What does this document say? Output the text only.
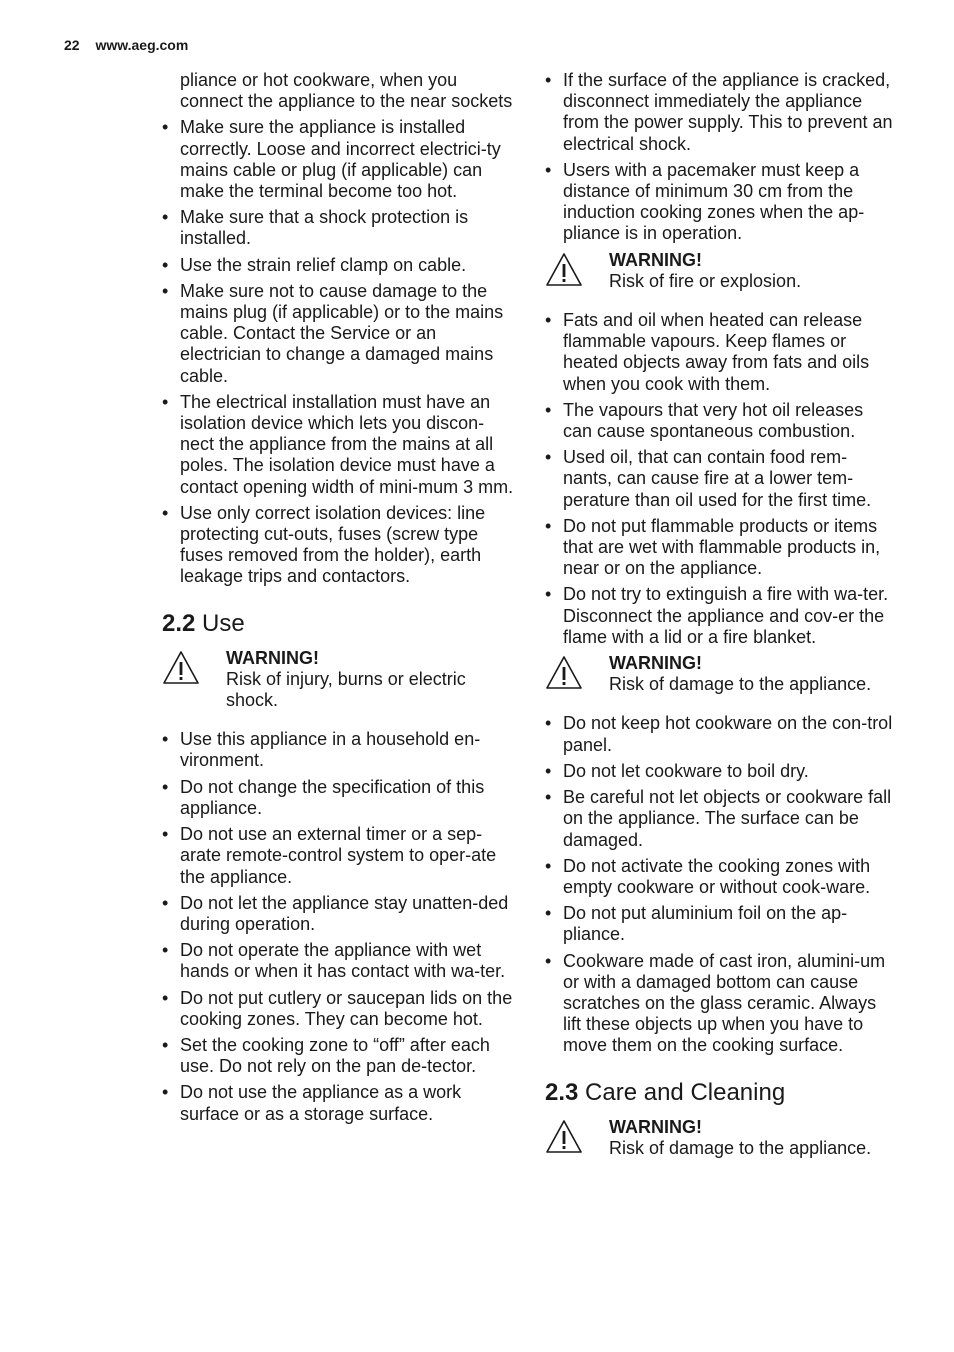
22 www.aeg.com
pliance or hot cookware, when you connect the appliance to the near sockets
• Make sure the appliance is installed correctly. Loose and incorrect electrici-ty mains cable or plug (if applicable) can make the terminal become too hot.
• Make sure that a shock protection is installed.
• Use the strain relief clamp on cable.
• Make sure not to cause damage to the mains plug (if applicable) or to the mains cable. Contact the Service or an electrician to change a damaged mains cable.
• The electrical installation must have an isolation device which lets you discon-nect the appliance from the mains at all poles. The isolation device must have a contact opening width of mini-mum 3 mm.
• Use only correct isolation devices: line protecting cut-outs, fuses (screw type fuses removed from the holder), earth leakage trips and contactors.
2.2 Use
WARNING!
Risk of injury, burns or electric shock.
• Use this appliance in a household en-vironment.
• Do not change the specification of this appliance.
• Do not use an external timer or a sep-arate remote-control system to oper-ate the appliance.
• Do not let the appliance stay unatten-ded during operation.
• Do not operate the appliance with wet hands or when it has contact with wa-ter.
• Do not put cutlery or saucepan lids on the cooking zones. They can become hot.
• Set the cooking zone to “off” after each use. Do not rely on the pan de-tector.
• Do not use the appliance as a work surface or as a storage surface.
• If the surface of the appliance is cracked, disconnect immediately the appliance from the power supply. This to prevent an electrical shock.
• Users with a pacemaker must keep a distance of minimum 30 cm from the induction cooking zones when the ap-pliance is in operation.
WARNING!
Risk of fire or explosion.
• Fats and oil when heated can release flammable vapours. Keep flames or heated objects away from fats and oils when you cook with them.
• The vapours that very hot oil releases can cause spontaneous combustion.
• Used oil, that can contain food rem-nants, can cause fire at a lower tem-perature than oil used for the first time.
• Do not put flammable products or items that are wet with flammable products in, near or on the appliance.
• Do not try to extinguish a fire with wa-ter. Disconnect the appliance and cov-er the flame with a lid or a fire blanket.
WARNING!
Risk of damage to the appliance.
• Do not keep hot cookware on the con-trol panel.
• Do not let cookware to boil dry.
• Be careful not let objects or cookware fall on the appliance. The surface can be damaged.
• Do not activate the cooking zones with empty cookware or without cook-ware.
• Do not put aluminium foil on the ap-pliance.
• Cookware made of cast iron, alumini-um or with a damaged bottom can cause scratches on the glass ceramic. Always lift these objects up when you have to move them on the cooking surface.
2.3 Care and Cleaning
WARNING!
Risk of damage to the appliance.
